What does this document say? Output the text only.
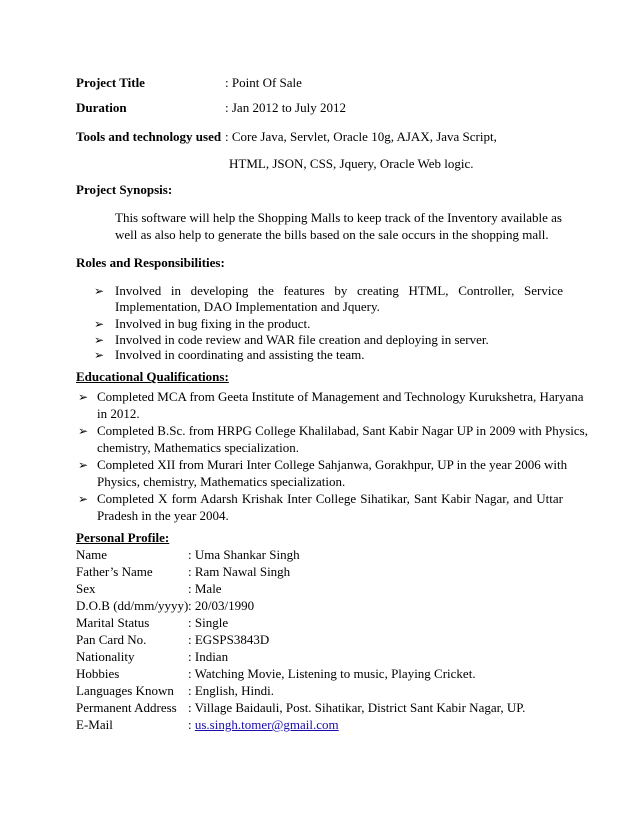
Project Title	: Point Of Sale
Duration	: Jan 2012 to July 2012
Tools and technology used : Core Java, Servlet, Oracle 10g, AJAX, Java Script,
HTML, JSON, CSS, Jquery, Oracle Web logic.
Project Synopsis:
This software will help the Shopping Malls to keep track of the Inventory available as
well as also help to generate the bills based on the sale occurs in the shopping mall.
Roles and Responsibilities:
➢ Involved in developing the features by creating HTML, Controller, Service
Implementation, DAO Implementation and Jquery.
➢ Involved in bug fixing in the product.
➢ Involved in code review and WAR file creation and deploying in server.
➢ Involved in coordinating and assisting the team.
Educational Qualifications:
➢ Completed MCA from Geeta Institute of Management and Technology Kurukshetra, Haryana
in 2012.
➢ Completed B.Sc. from HRPG College Khalilabad, Sant Kabir Nagar UP in 2009 with Physics,
chemistry, Mathematics specialization.
➢ Completed XII from Murari Inter College Sahjanwa, Gorakhpur, UP in the year 2006 with
Physics, chemistry, Mathematics specialization.
➢ Completed X form Adarsh Krishak Inter College Sihatikar, Sant Kabir Nagar, and Uttar
Pradesh in the year 2004.
Personal Profile:
Name	: Uma Shankar Singh
Father’s Name	: Ram Nawal Singh
Sex	: Male
D.O.B (dd/mm/yyyy) : 20/03/1990
Marital Status	: Single
Pan Card No.	: EGSPS3843D
Nationality	: Indian
Hobbies	: Watching Movie, Listening to music, Playing Cricket.
Languages Known : English, Hindi.
Permanent Address : Village Baidauli, Post. Sihatikar, District Sant Kabir Nagar, UP.
E-Mail	: us.singh.tomer@gmail.com
